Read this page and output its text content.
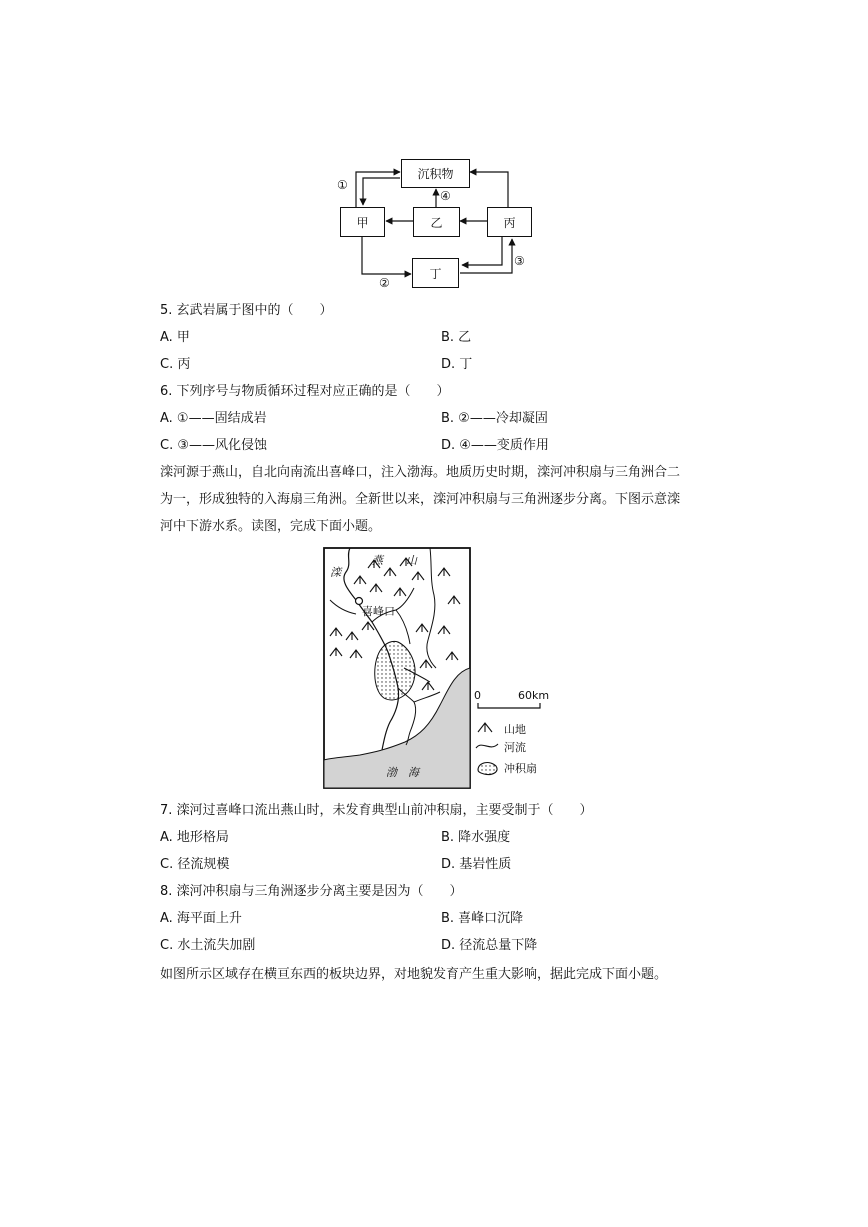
沉积物
甲	乙	丙
丁
①
②
③
④
5. 玄武岩属于图中的（　　）
A. 甲	B. 乙
C. 丙	D. 丁
6. 下列序号与物质循环过程对应正确的是（　　）
A. ①——固结成岩	B. ②——冷却凝固
C. ③——风化侵蚀	D. ④——变质作用
滦河源于燕山，自北向南流出喜峰口，注入渤海。地质历史时期，滦河冲积扇与三角洲合二
为一，形成独特的入海扇三角洲。全新世以来，滦河冲积扇与三角洲逐步分离。下图示意滦
河中下游水系。读图，完成下面小题。
滦
燕 山
喜峰口
渤　海
0	60km
山地
河流
冲积扇
7. 滦河过喜峰口流出燕山时，未发育典型山前冲积扇，主要受制于（　　）
A. 地形格局	B. 降水强度
C. 径流规模	D. 基岩性质
8. 滦河冲积扇与三角洲逐步分离主要是因为（　　）
A. 海平面上升	B. 喜峰口沉降
C. 水土流失加剧	D. 径流总量下降
如图所示区域存在横亘东西的板块边界，对地貌发育产生重大影响，据此完成下面小题。
